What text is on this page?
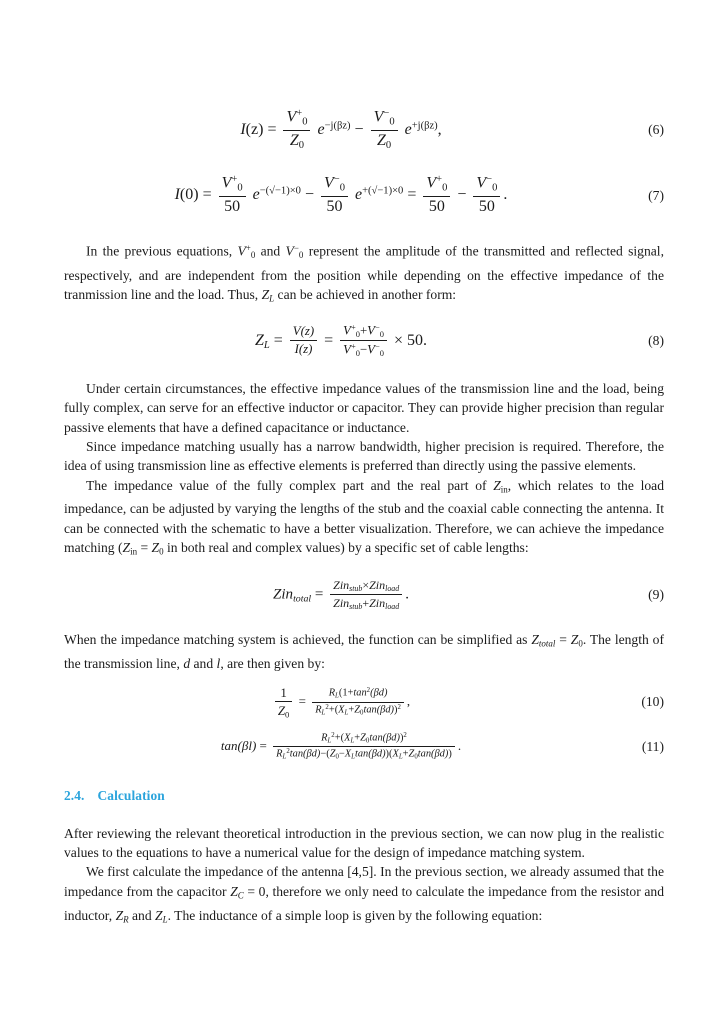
$I(z) = \frac{V^+0}{Z0} e^{-j(\beta z)} - \frac{V^-0}{Z0} e^{+j(\beta z)}$,	(6)
$I(0) = \frac{V^+0}{50} e^{-(√-1)\times 0} - \frac{V^-0}{50} e^{+(√-1)\times 0} = \frac{V^+0}{50} - \frac{V^-0}{50}$ .	(7)

In the previous equations, V+0 and V−0 represent the amplitude of the transmitted and reflected signal, respectively, and are independent from the position while depending on the effective impedance of the tranmission line and the load. Thus, $Z_L$ can be achieved in another form:

$Z_L = \frac{V(z)}{I(z)} = \frac{V^+0+V^-0}{V^+0-V^-0} \times 50$.	(8)

Under certain circumstances, the effective impedance values of the transmission line and the load, being fully complex, can serve for an effective inductor or capacitor. They can provide higher precision than regular passive elements that have a defined capacitance or inductance.

Since impedance matching usually has a narrow bandwidth, higher precision is required. Therefore, the idea of using transmission line as effective elements is preferred than directly using the passive elements.

The impedance value of the fully complex part and the real part of Zin, which relates to the load impedance, can be adjusted by varying the lengths of the stub and the coaxial cable connecting the antenna. It can be connected with the schematic to have a better visualization. Therefore, we can achieve the impedance matching (Zin = Z0 in both real and complex values) by a specific set of cable lengths:

$Zin_{total} = \frac{Zin_{stub}\times Zin_{load}}{Zin_{stub}+Zin_{load}}$ .	(9)

When the impedance matching system is achieved, the function can be simplified as $Z_{total} = Z0$. The length of the transmission line, d and l, are then given by:

$\frac{1}{Z0} = \frac{R_L(1+\tan^2(\beta d)}{R_L^2+(X_L+Z0\tan(\beta d))^2}$ ,	(10)
$\tan(\beta l) = \frac{R_L^2+(X_L+Z0\tan(\beta d))^2}{R_L^2\tan(\beta d)-(Z0-X_L\tan(\beta d))(X_L+Z0\tan(\beta d))}$ .	(11)
2.4. Calculation

After reviewing the relevant theoretical introduction in the previous section, we can now plug in the realistic values to the equations to have a numerical value for the design of impedance matching system.

We first calculate the impedance of the antenna [4,5]. In the previous section, we already assumed that the impedance from the capacitor $Z_C = 0$, therefore we only need to calculate the impedance from the resistor and inductor, $Z_R$ and $Z_L$. The inductance of a simple loop is given by the following equation:
